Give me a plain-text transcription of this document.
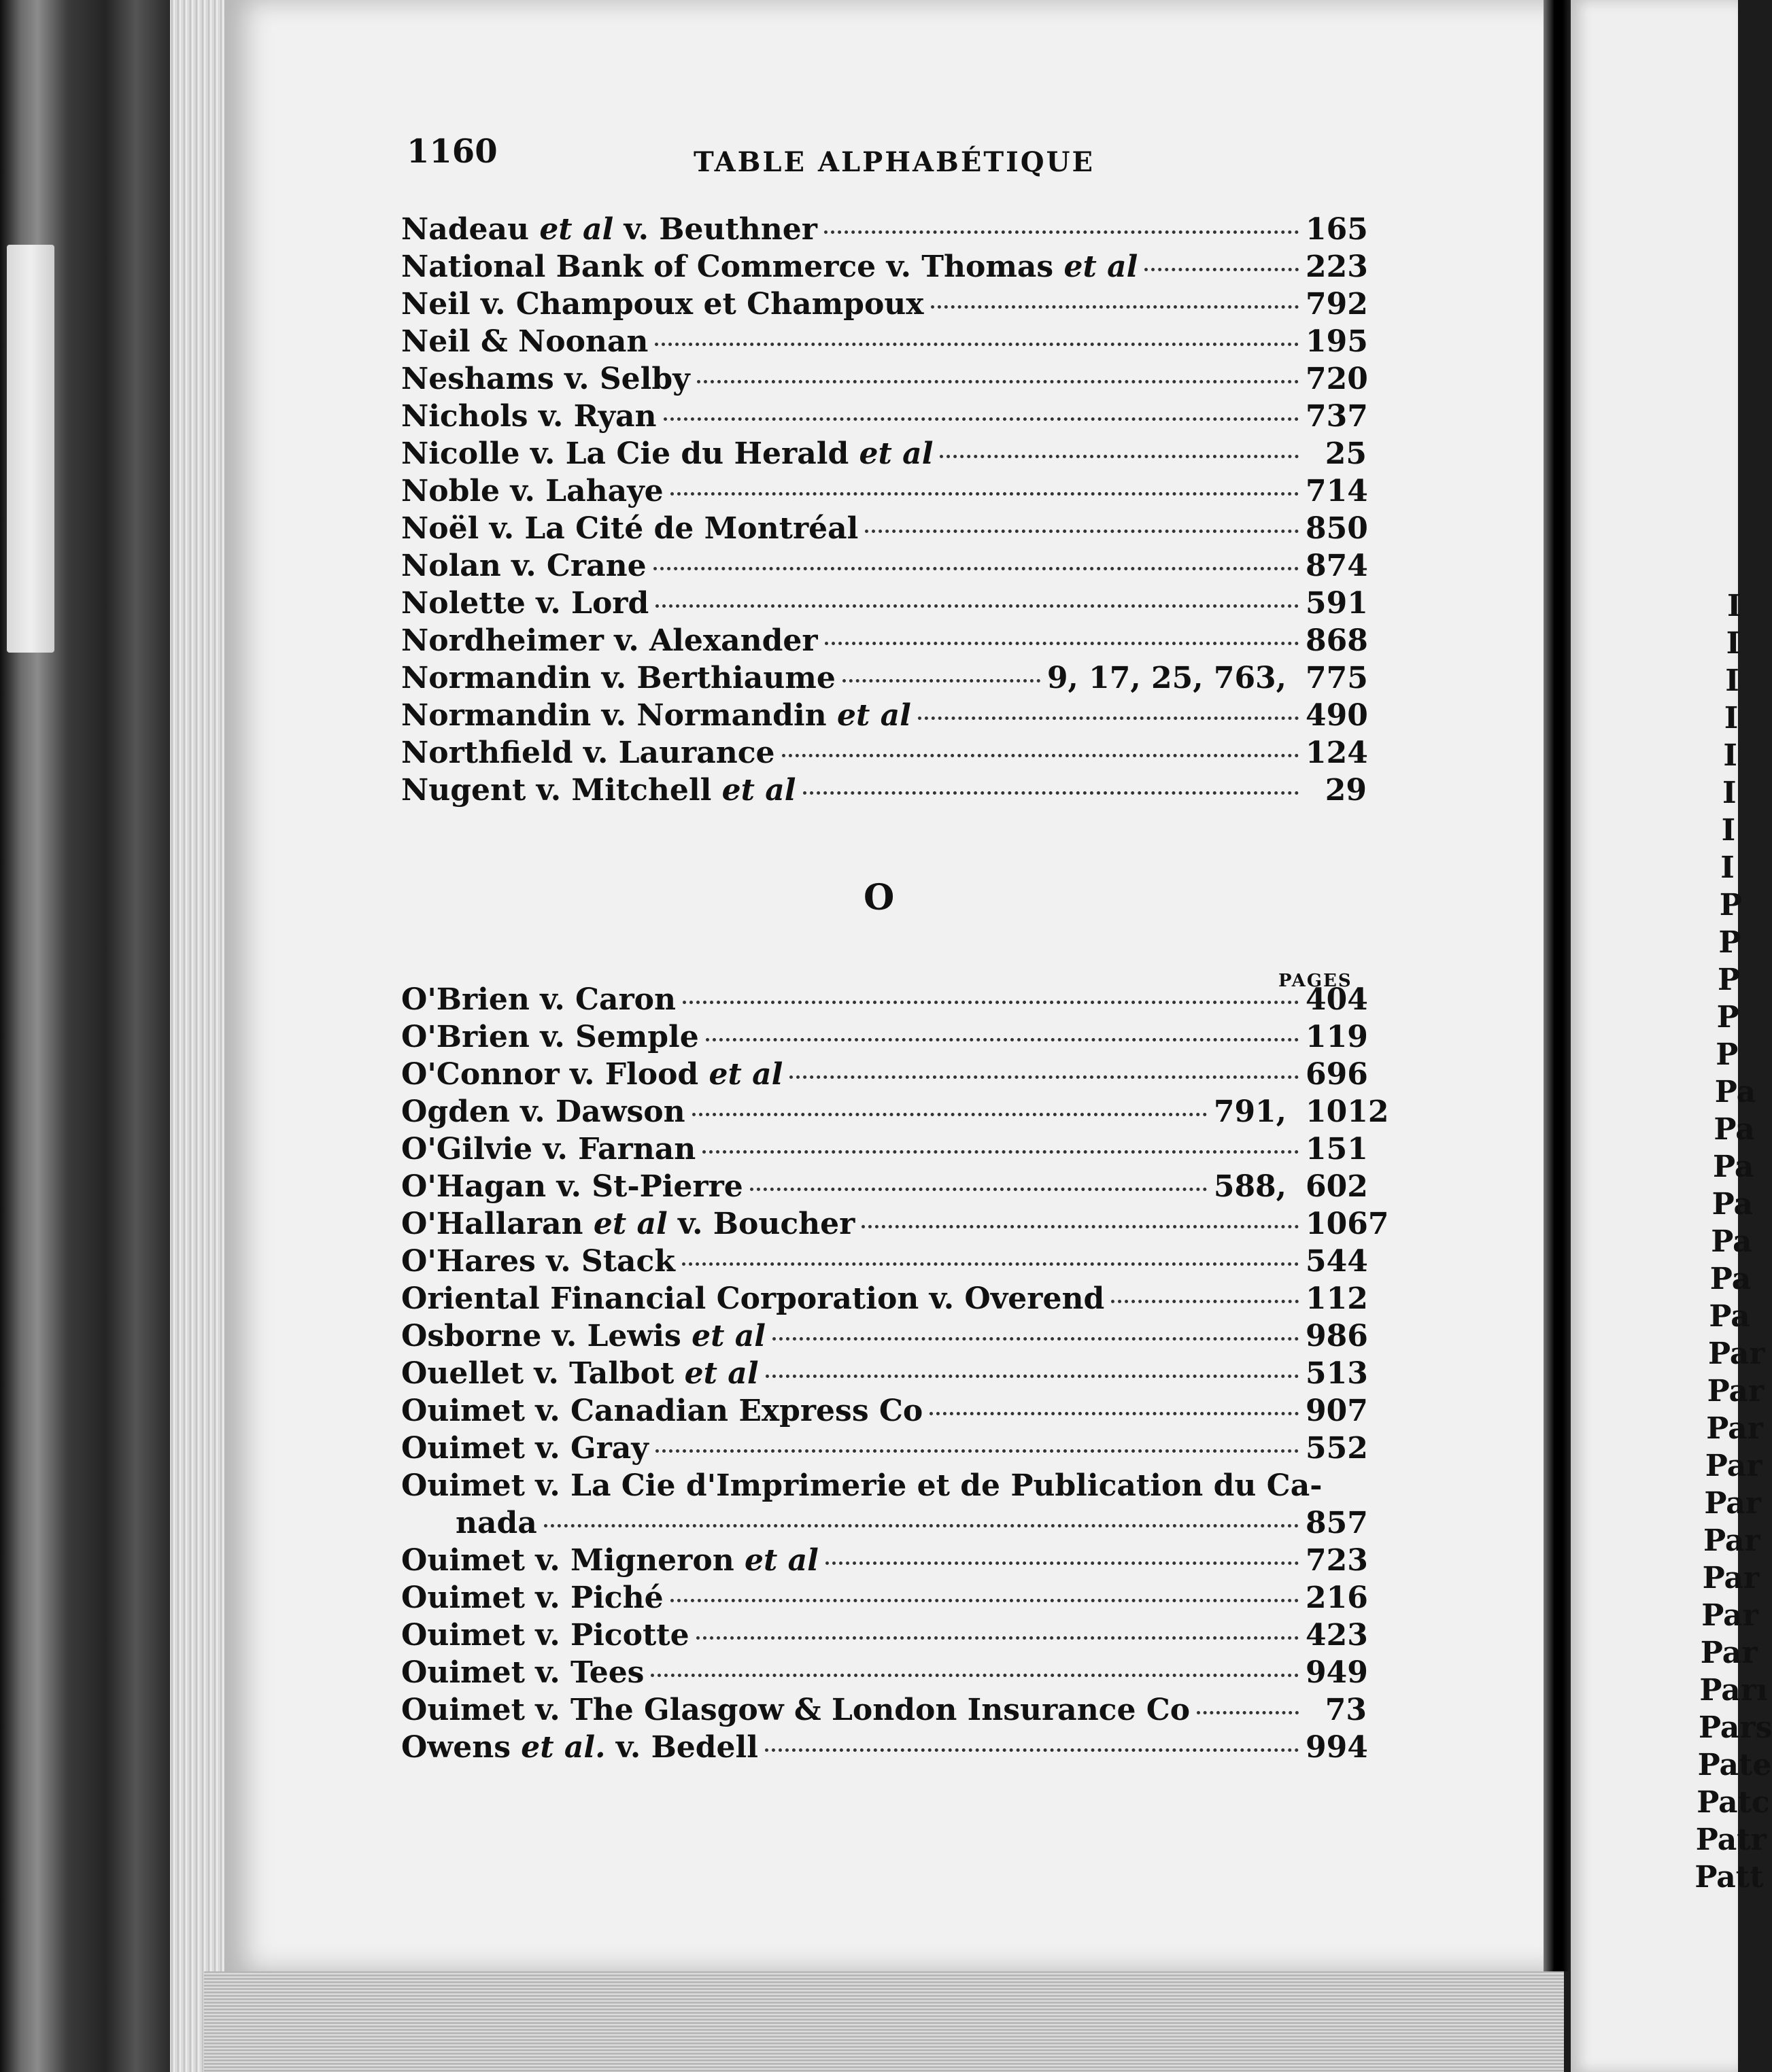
I
I
I
I
I
I
I
I
P
P
P
P
P
Pa
Pa
Pa
Pa
Pa
Pa
Pa
Par
Par
Par
Par
Par
Par
Par
Par
Par
Parı
Pars
Pate
Patc
Patr
Patt
1160	TABLE ALPHABÉTIQUE
Nadeau et al v. Beuthner	165
National Bank of Commerce v. Thomas et al	223
Neil v. Champoux et Champoux	792
Neil & Noonan	195
Neshams v. Selby	720
Nichols v. Ryan	737
Nicolle v. La Cie du Herald et al	25
Noble v. Lahaye	714
Noël v. La Cité de Montréal	850
Nolan v. Crane	874
Nolette v. Lord	591
Nordheimer v. Alexander	868
Normandin v. Berthiaume	9, 17, 25, 763, 775
Normandin v. Normandin et al	490
Northfield v. Laurance	124
Nugent v. Mitchell et al	29
O
PAGES
O'Brien v. Caron	404
O'Brien v. Semple	119
O'Connor v. Flood et al	696
Ogden v. Dawson	791, 1012
O'Gilvie v. Farnan	151
O'Hagan v. St-Pierre	588, 602
O'Hallaran et al v. Boucher	1067
O'Hares v. Stack	544
Oriental Financial Corporation v. Overend	112
Osborne v. Lewis et al	986
Ouellet v. Talbot et al	513
Ouimet v. Canadian Express Co	907
Ouimet v. Gray	552
Ouimet v. La Cie d'Imprimerie et de Publication du Ca-
nada	857
Ouimet v. Migneron et al	723
Ouimet v. Piché	216
Ouimet v. Picotte	423
Ouimet v. Tees	949
Ouimet v. The Glasgow & London Insurance Co	73
Owens et al. v. Bedell	994
